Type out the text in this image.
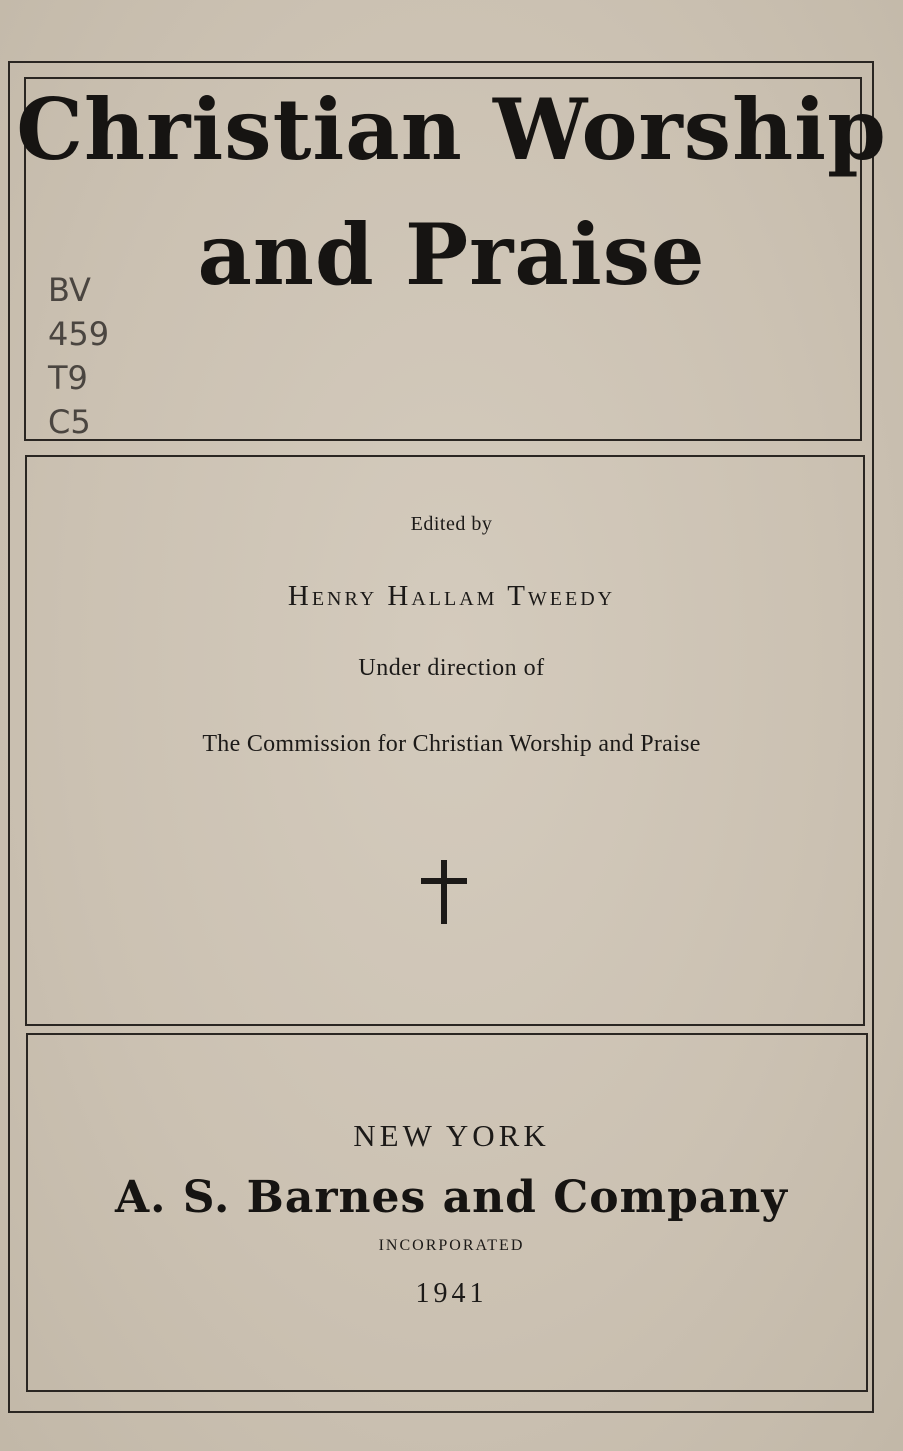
Christian Worship
and Praise
BV
459
T9
C5
Edited by
Henry Hallam Tweedy
Under direction of
The Commission for Christian Worship and Praise
NEW YORK
A. S. Barnes and Company
INCORPORATED
1941
